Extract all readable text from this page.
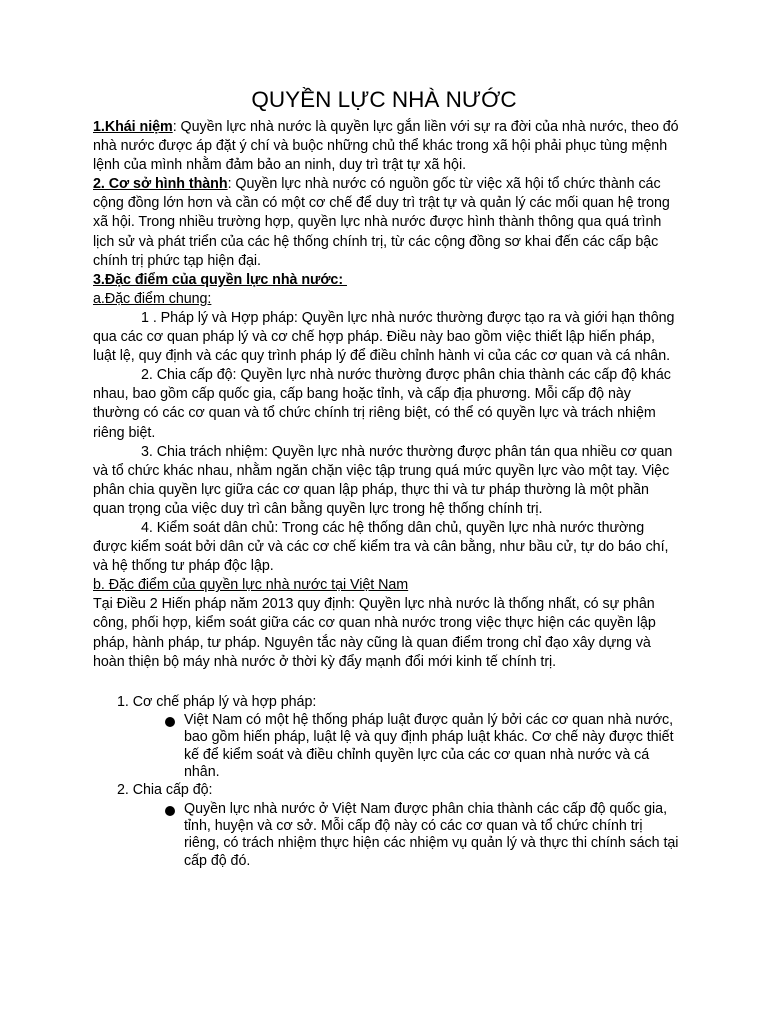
QUYỀN LỰC NHÀ NƯỚC

1.Khái niệm: Quyền lực nhà nước là quyền lực gắn liền với sự ra đời của nhà nước, theo đó nhà nước được áp đặt ý chí và buộc những chủ thể khác trong xã hội phải phục tùng mệnh lệnh của mình nhằm đảm bảo an ninh, duy trì trật tự xã hội.

2. Cơ sở hình thành: Quyền lực nhà nước có nguồn gốc từ việc xã hội tổ chức thành các cộng đồng lớn hơn và cần có một cơ chế để duy trì trật tự và quản lý các mối quan hệ trong xã hội. Trong nhiều trường hợp, quyền lực nhà nước được hình thành thông qua quá trình lịch sử và phát triển của các hệ thống chính trị, từ các cộng đồng sơ khai đến các cấp bậc chính trị phức tạp hiện đại.

3.Đặc điểm của quyền lực nhà nước:

a.Đặc điểm chung:

1 . Pháp lý và Hợp pháp: Quyền lực nhà nước thường được tạo ra và giới hạn thông qua các cơ quan pháp lý và cơ chế hợp pháp. Điều này bao gồm việc thiết lập hiến pháp, luật lệ, quy định và các quy trình pháp lý để điều chỉnh hành vi của các cơ quan và cá nhân.

2. Chia cấp độ: Quyền lực nhà nước thường được phân chia thành các cấp độ khác nhau, bao gồm cấp quốc gia, cấp bang hoặc tỉnh, và cấp địa phương. Mỗi cấp độ này thường có các cơ quan và tổ chức chính trị riêng biệt, có thể có quyền lực và trách nhiệm riêng biệt.

3. Chia trách nhiệm: Quyền lực nhà nước thường được phân tán qua nhiều cơ quan và tổ chức khác nhau, nhằm ngăn chặn việc tập trung quá mức quyền lực vào một tay. Việc phân chia quyền lực giữa các cơ quan lập pháp, thực thi và tư pháp thường là một phần quan trọng của việc duy trì cân bằng quyền lực trong hệ thống chính trị.

4. Kiểm soát dân chủ: Trong các hệ thống dân chủ, quyền lực nhà nước thường được kiểm soát bởi dân cử và các cơ chế kiểm tra và cân bằng, như bầu cử, tự do báo chí, và hệ thống tư pháp độc lập.

b. Đặc điểm của quyền lực nhà nước tại Việt Nam

Tại Điều 2 Hiến pháp năm 2013 quy định: Quyền lực nhà nước là thống nhất, có sự phân công, phối hợp, kiểm soát giữa các cơ quan nhà nước trong việc thực hiện các quyền lập pháp, hành pháp, tư pháp. Nguyên tắc này cũng là quan điểm trong chỉ đạo xây dựng và hoàn thiện bộ máy nhà nước ở thời kỳ đẩy mạnh đổi mới kinh tế chính trị.

1. Cơ chế pháp lý và hợp pháp:

Việt Nam có một hệ thống pháp luật được quản lý bởi các cơ quan nhà nước, bao gồm hiến pháp, luật lệ và quy định pháp luật khác. Cơ chế này được thiết kế để kiểm soát và điều chỉnh quyền lực của các cơ quan nhà nước và cá nhân.

2. Chia cấp độ:

Quyền lực nhà nước ở Việt Nam được phân chia thành các cấp độ quốc gia, tỉnh, huyện và cơ sở. Mỗi cấp độ này có các cơ quan và tổ chức chính trị riêng, có trách nhiệm thực hiện các nhiệm vụ quản lý và thực thi chính sách tại cấp độ đó.
